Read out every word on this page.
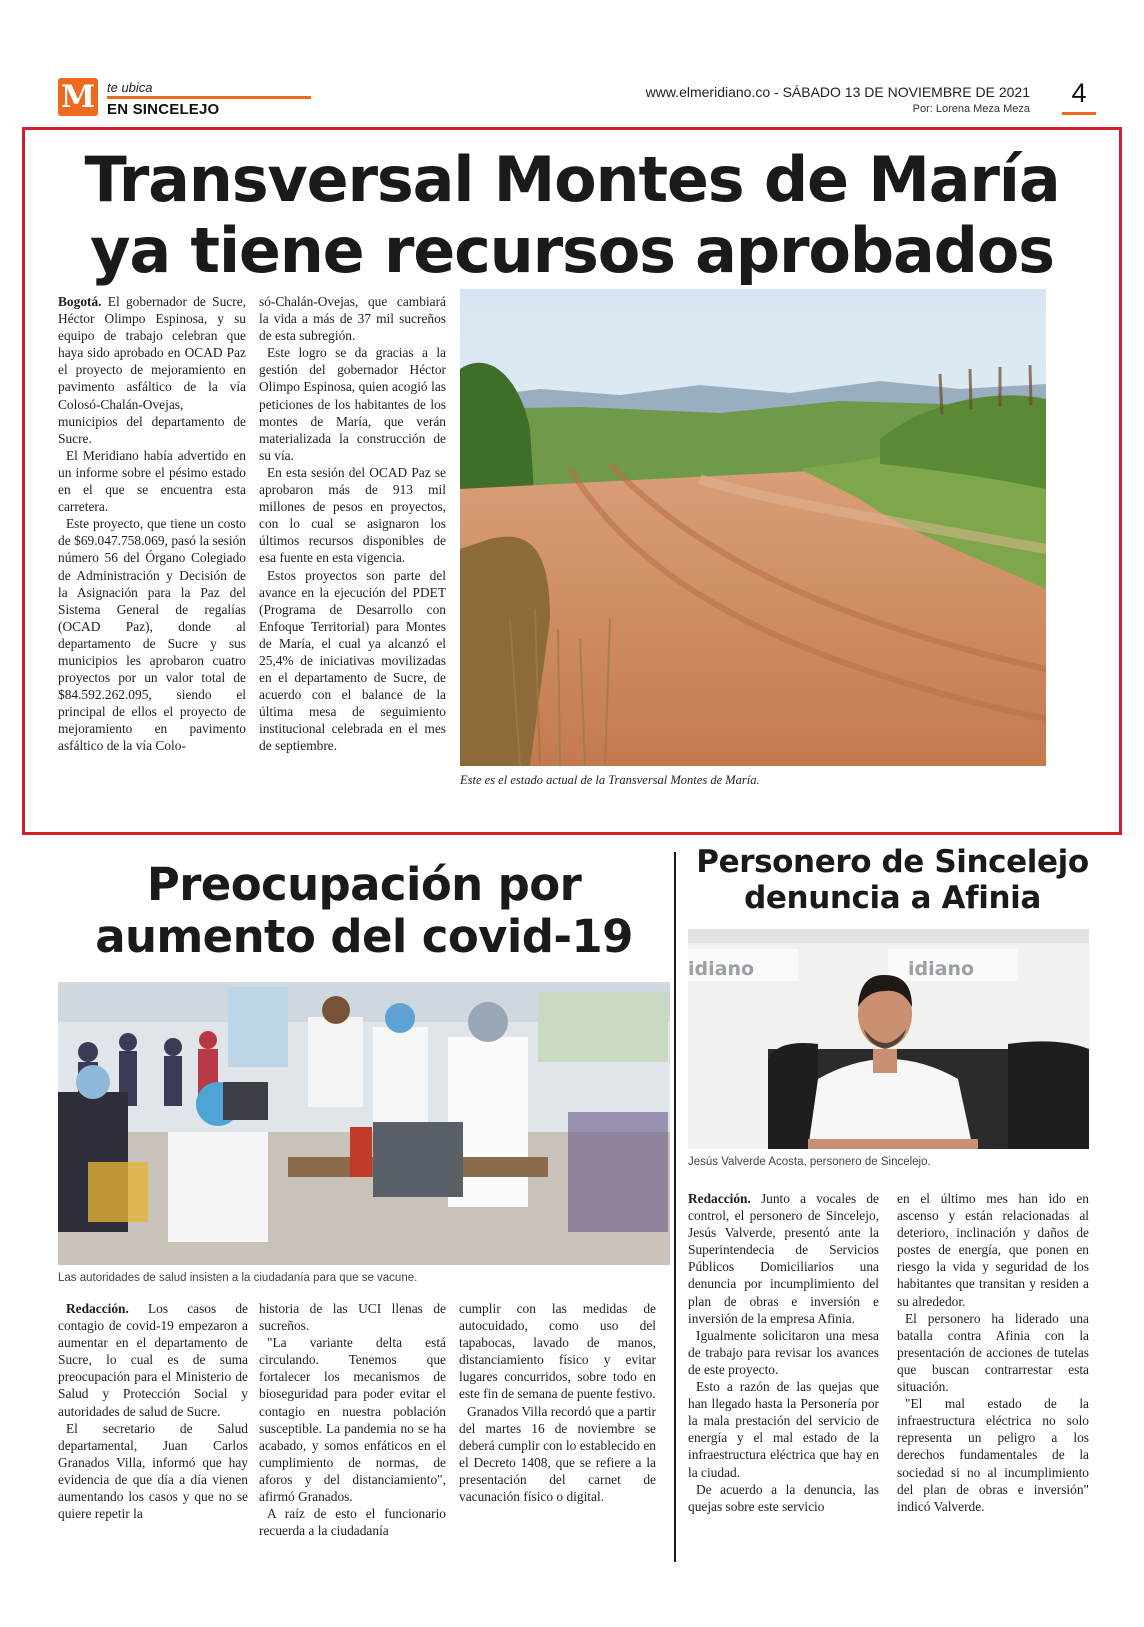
M te ubica
EN SINCELEJO
www.elmeridiano.co - SÁBADO 13 DE NOVIEMBRE DE 2021
Por: Lorena Meza Meza
4
Transversal Montes de María
ya tiene recursos aprobados

Bogotá. El gobernador de Sucre, Héctor Olimpo Espinosa, y su equipo de trabajo celebran que haya sido aprobado en OCAD Paz el proyecto de mejoramiento en pavimento asfáltico de la vía Colosó-Chalán-Ovejas, municipios del departamento de Sucre.

El Meridiano había advertido en un informe sobre el pésimo estado en el que se encuentra esta carretera.

Este proyecto, que tiene un costo de $69.047.758.069, pasó la sesión número 56 del Órgano Colegiado de Administración y Decisión de la Asignación para la Paz del Sistema General de regalías (OCAD Paz), donde al departamento de Sucre y sus municipios les aprobaron cuatro proyectos por un valor total de $84.592.262.095, siendo el principal de ellos el proyecto de mejoramiento en pavimento asfáltico de la vía Colo-

só-Chalán-Ovejas, que cambiará la vida a más de 37 mil sucreños de esta subregión.

Este logro se da gracias a la gestión del gobernador Héctor Olimpo Espinosa, quien acogió las peticiones de los habitantes de los montes de María, que verán materializada la construcción de su vía.

En esta sesión del OCAD Paz se aprobaron más de 913 mil millones de pesos en proyectos, con lo cual se asignaron los últimos recursos disponibles de esa fuente en esta vigencia.

Estos proyectos son parte del avance en la ejecución del PDET (Programa de Desarrollo con Enfoque Territorial) para Montes de María, el cual ya alcanzó el 25,4% de iniciativas movilizadas en el departamento de Sucre, de acuerdo con el balance de la última mesa de seguimiento institucional celebrada en el mes de septiembre.

Este es el estado actual de la Transversal Montes de María.
Preocupación por
aumento del covid-19
Las autoridades de salud insisten a la ciudadanía para que se vacune.

Redacción. Los casos de contagio de covid-19 empezaron a aumentar en el departamento de Sucre, lo cual es de suma preocupación para el Ministerio de Salud y Protección Social y autoridades de salud de Sucre.

El secretario de Salud departamental, Juan Carlos Granados Villa, informó que hay evidencia de que día a día vienen aumentando los casos y que no se quiere repetir la

historia de las UCI llenas de sucreños.

"La variante delta está circulando. Tenemos que fortalecer los mecanismos de bioseguridad para poder evitar el contagio en nuestra población susceptible. La pandemia no se ha acabado, y somos enfáticos en el cumplimiento de normas, de aforos y del distanciamiento", afirmó Granados.

A raíz de esto el funcionario recuerda a la ciudadanía

cumplir con las medidas de autocuidado, como uso del tapabocas, lavado de manos, distanciamiento físico y evitar lugares concurridos, sobre todo en este fin de semana de puente festivo.

Granados Villa recordó que a partir del martes 16 de noviembre se deberá cumplir con lo establecido en el Decreto 1408, que se refiere a la presentación del carnet de vacunación físico o digital.

Personero de Sincelejo
denuncia a Afinia
idiano	idiano
Jesús Valverde Acosta, personero de Sincelejo.

Redacción. Junto a vocales de control, el personero de Sincelejo, Jesús Valverde, presentó ante la Superintendecia de Servicios Públicos Domiciliarios una denuncia por incumplimiento del plan de obras e inversión e inversión de la empresa Afinia.

Igualmente solicitaron una mesa de trabajo para revisar los avances de este proyecto.

Esto a razón de las quejas que han llegado hasta la Personería por la mala prestación del servicio de energía y el mal estado de la infraestructura eléctrica que hay en la ciudad.

De acuerdo a la denuncia, las quejas sobre este servicio

en el último mes han ido en ascenso y están relacionadas al deterioro, inclinación y daños de postes de energía, que ponen en riesgo la vida y seguridad de los habitantes que transitan y residen a su alrededor.

El personero ha liderado una batalla contra Afinia con la presentación de acciones de tutelas que buscan contrarrestar esta situación.

"El mal estado de la infraestructura eléctrica no solo representa un peligro a los derechos fundamentales de la sociedad si no al incumplimiento del plan de obras e inversión" indicó Valverde.
